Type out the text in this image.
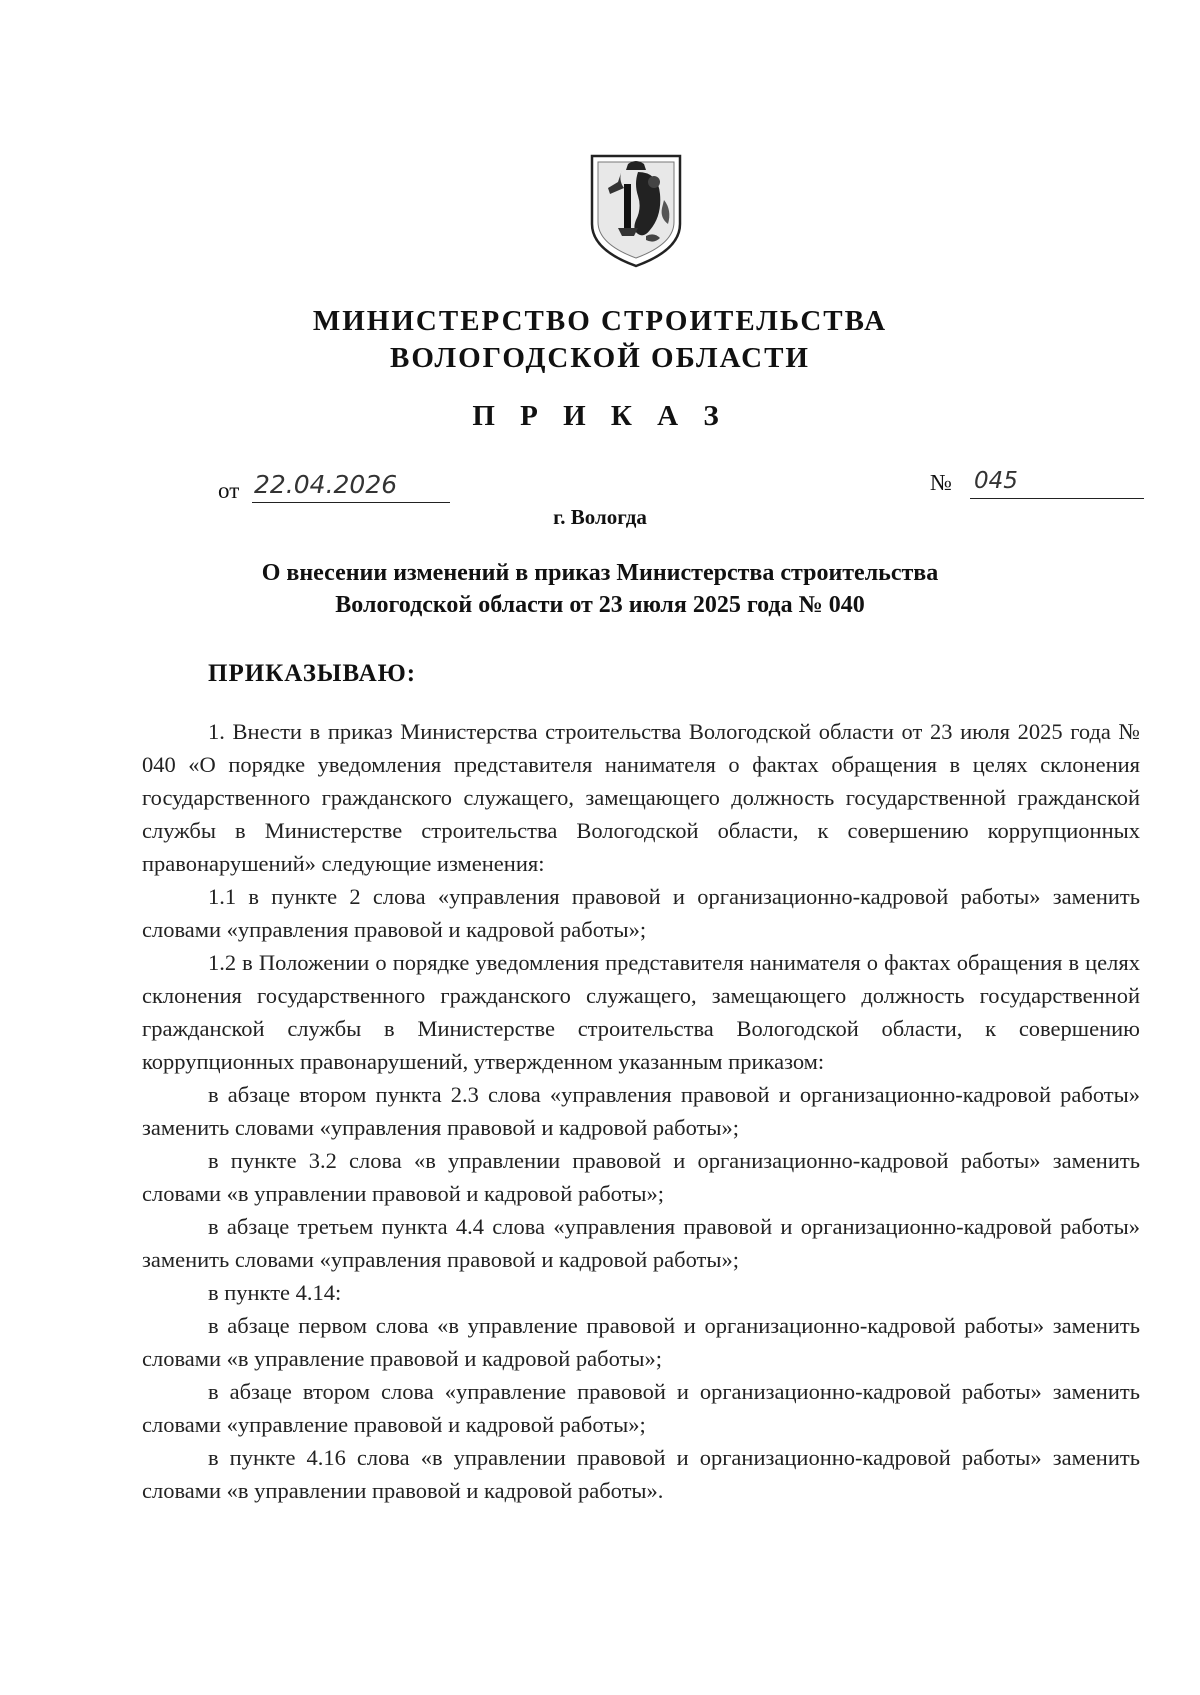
МИНИСТЕРСТВО СТРОИТЕЛЬСТВА
ВОЛОГОДСКОЙ ОБЛАСТИ
П Р И К А З
от 22.04.2026	№ 045
г. Вологда
О внесении изменений в приказ Министерства строительства
Вологодской области от 23 июля 2025 года № 040
ПРИКАЗЫВАЮ:

1. Внести в приказ Министерства строительства Вологодской области от 23 июля 2025 года № 040 «О порядке уведомления представителя нанимателя о фактах обращения в целях склонения государственного гражданского служащего, замещающего должность государственной гражданской службы в Министерстве строительства Вологодской области, к совершению коррупционных правонарушений» следующие изменения:

1.1 в пункте 2 слова «управления правовой и организационно-кадровой работы» заменить словами «управления правовой и кадровой работы»;

1.2 в Положении о порядке уведомления представителя нанимателя о фактах обращения в целях склонения государственного гражданского служащего, замещающего должность государственной гражданской службы в Министерстве строительства Вологодской области, к совершению коррупционных правонарушений, утвержденном указанным приказом:

в абзаце втором пункта 2.3 слова «управления правовой и организационно-кадровой работы» заменить словами «управления правовой и кадровой работы»;

в пункте 3.2 слова «в управлении правовой и организационно-кадровой работы» заменить словами «в управлении правовой и кадровой работы»;

в абзаце третьем пункта 4.4 слова «управления правовой и организационно-кадровой работы» заменить словами «управления правовой и кадровой работы»;

в пункте 4.14:

в абзаце первом слова «в управление правовой и организационно-кадровой работы» заменить словами «в управление правовой и кадровой работы»;

в абзаце втором слова «управление правовой и организационно-кадровой работы» заменить словами «управление правовой и кадровой работы»;

в пункте 4.16 слова «в управлении правовой и организационно-кадровой работы» заменить словами «в управлении правовой и кадровой работы».
